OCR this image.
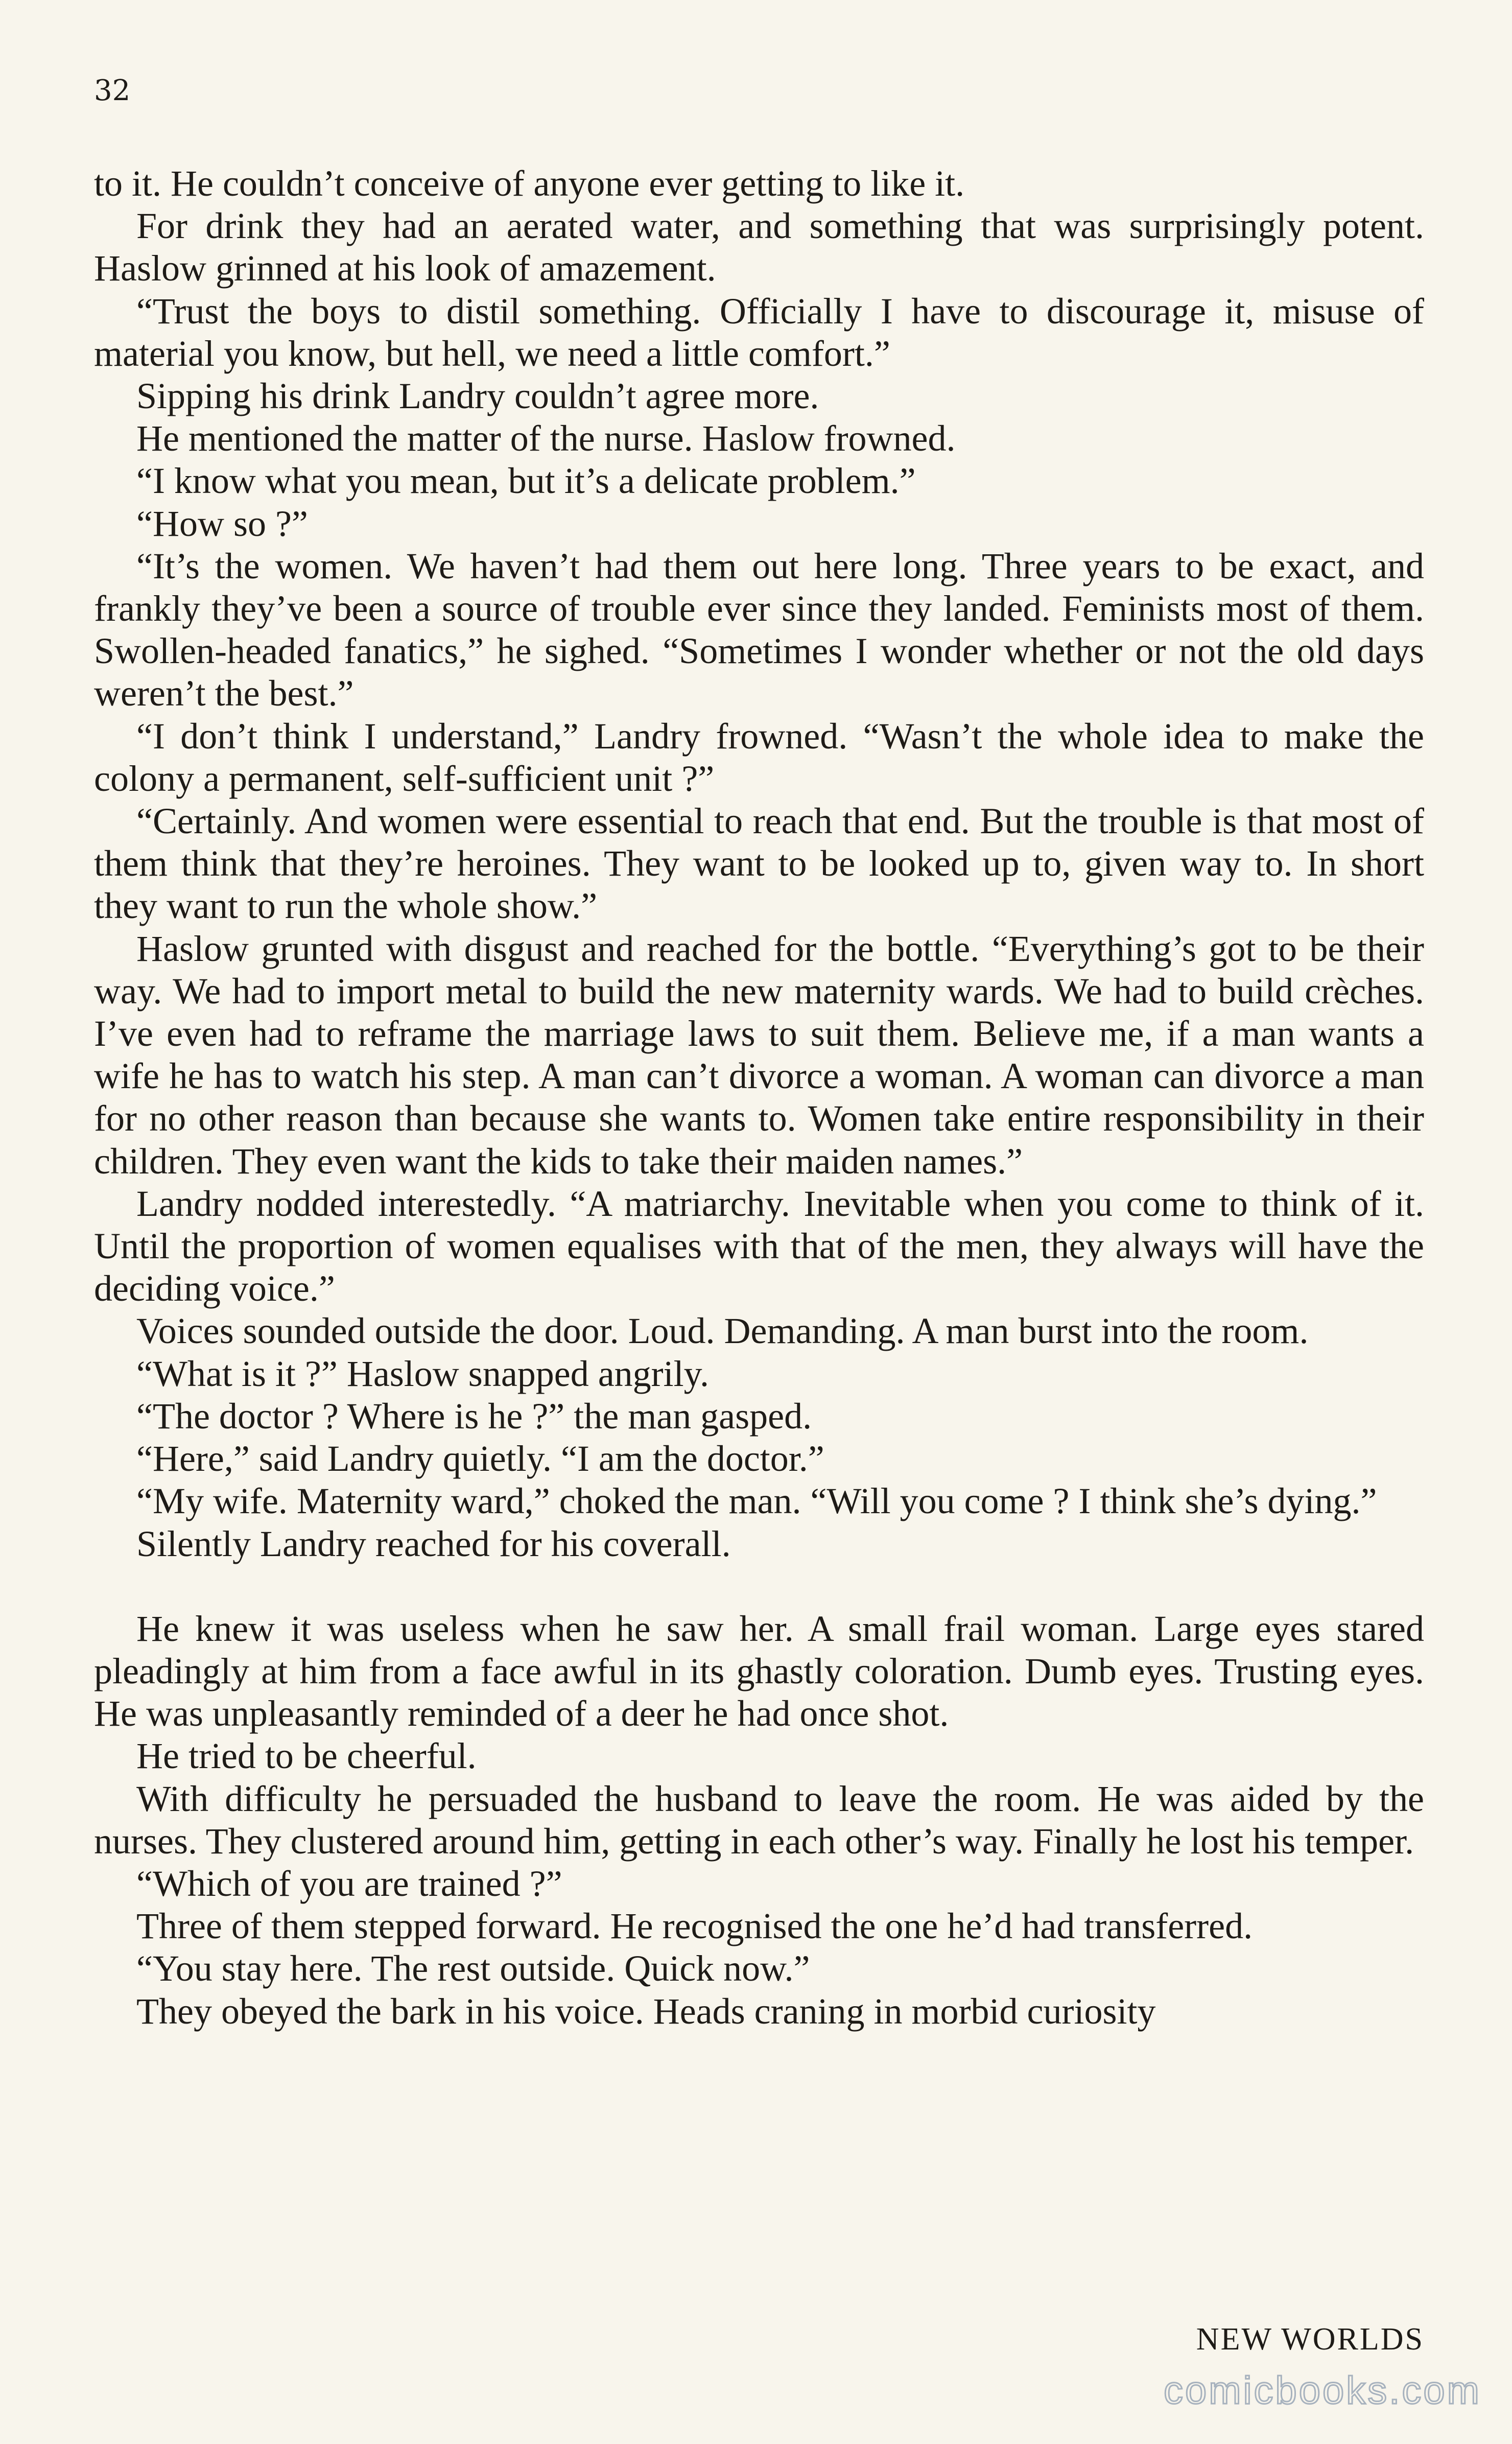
32

to it. He couldn’t conceive of anyone ever getting to like it.

For drink they had an aerated water, and something that was surprisingly potent. Haslow grinned at his look of amazement.

“Trust the boys to distil something. Officially I have to discourage it, misuse of material you know, but hell, we need a little comfort.”

Sipping his drink Landry couldn’t agree more.

He mentioned the matter of the nurse. Haslow frowned.

“I know what you mean, but it’s a delicate problem.”

“How so ?”

“It’s the women. We haven’t had them out here long. Three years to be exact, and frankly they’ve been a source of trouble ever since they landed. Feminists most of them. Swollen-headed fanatics,” he sighed. “Sometimes I wonder whether or not the old days weren’t the best.”

“I don’t think I understand,” Landry frowned. “Wasn’t the whole idea to make the colony a permanent, self-sufficient unit ?”

“Certainly. And women were essential to reach that end. But the trouble is that most of them think that they’re heroines. They want to be looked up to, given way to. In short they want to run the whole show.”

Haslow grunted with disgust and reached for the bottle. “Everything’s got to be their way. We had to import metal to build the new maternity wards. We had to build crèches. I’ve even had to reframe the marriage laws to suit them. Believe me, if a man wants a wife he has to watch his step. A man can’t divorce a woman. A woman can divorce a man for no other reason than because she wants to. Women take entire responsibility in their children. They even want the kids to take their maiden names.”

Landry nodded interestedly. “A matriarchy. Inevitable when you come to think of it. Until the proportion of women equalises with that of the men, they always will have the deciding voice.”

Voices sounded outside the door. Loud. Demanding. A man burst into the room.

“What is it ?” Haslow snapped angrily.

“The doctor ? Where is he ?” the man gasped.

“Here,” said Landry quietly. “I am the doctor.”

“My wife. Maternity ward,” choked the man. “Will you come ? I think she’s dying.”

Silently Landry reached for his coverall.

He knew it was useless when he saw her. A small frail woman. Large eyes stared pleadingly at him from a face awful in its ghastly coloration. Dumb eyes. Trusting eyes. He was unpleasantly reminded of a deer he had once shot.

He tried to be cheerful.

With difficulty he persuaded the husband to leave the room. He was aided by the nurses. They clustered around him, getting in each other’s way. Finally he lost his temper.

“Which of you are trained ?”

Three of them stepped forward. He recognised the one he’d had transferred.

“You stay here. The rest outside. Quick now.”

They obeyed the bark in his voice. Heads craning in morbid curiosity

NEW WORLDS
comicbooks.com
